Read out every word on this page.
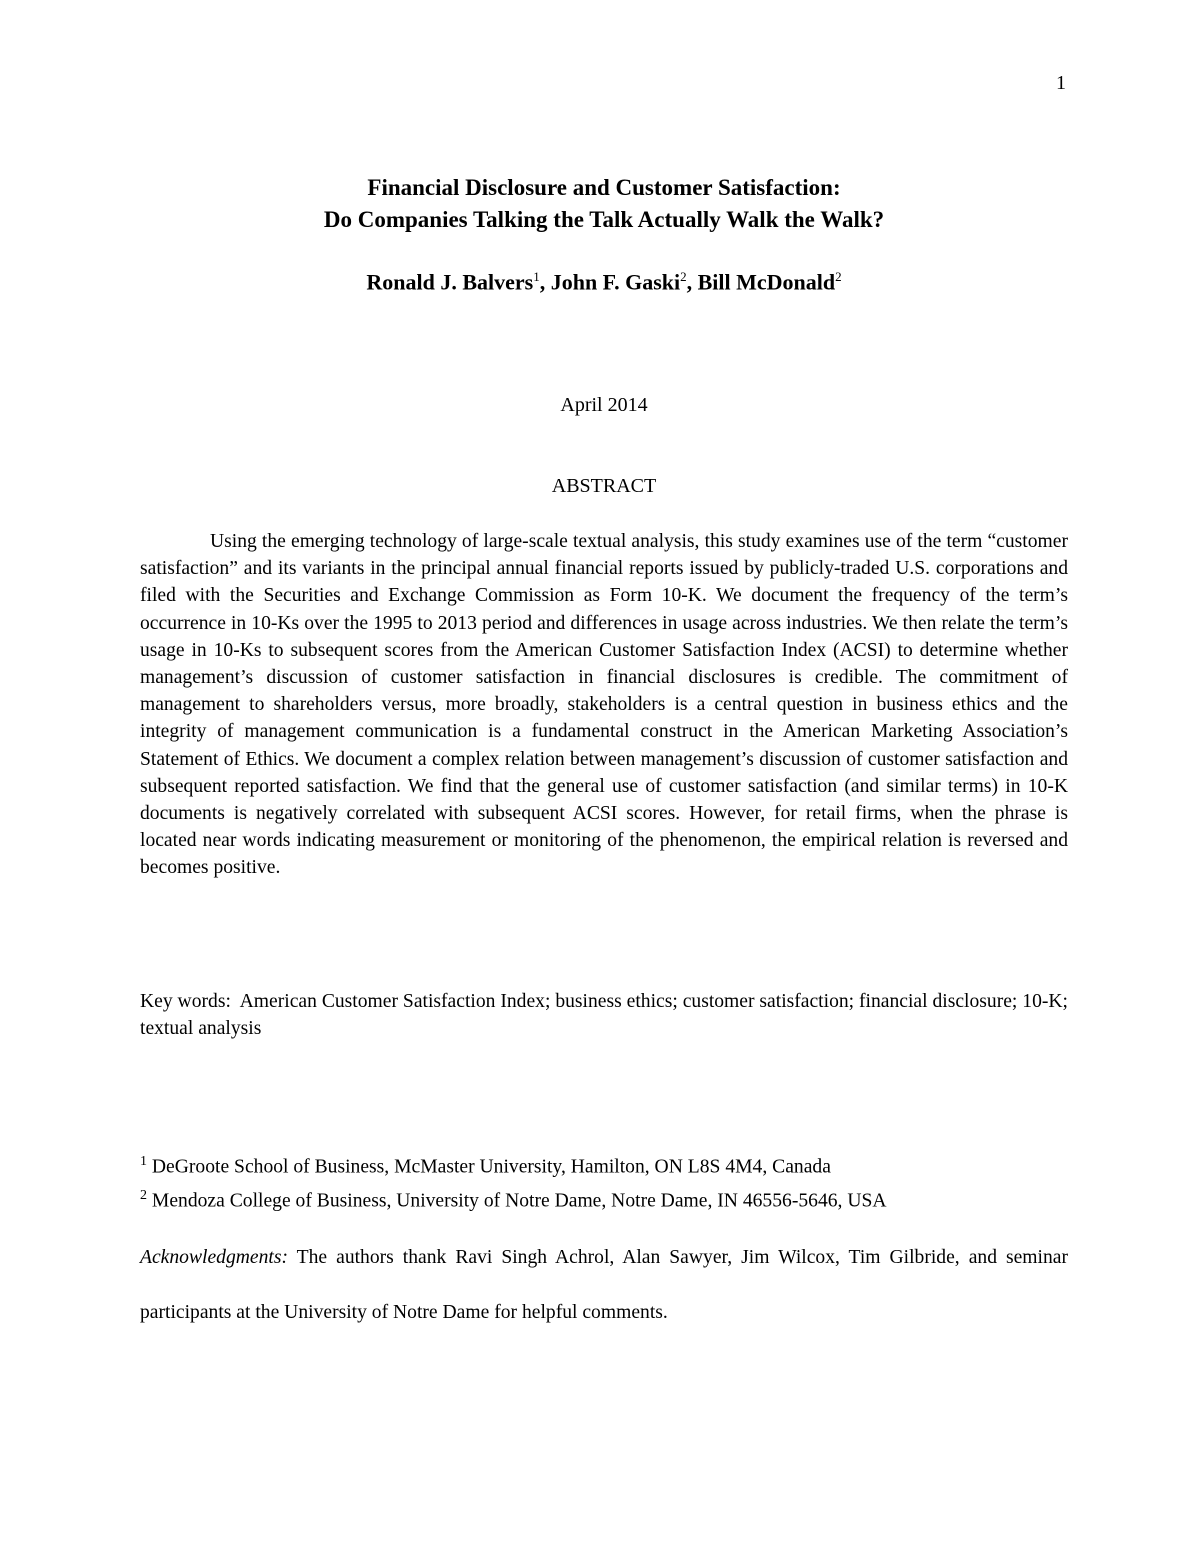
1
Financial Disclosure and Customer Satisfaction:
Do Companies Talking the Talk Actually Walk the Walk?
Ronald J. Balvers$^1$, John F. Gaski$^2$, Bill McDonald$^2$
April 2014
ABSTRACT
Using the emerging technology of large-scale textual analysis, this study examines use of the term “customer satisfaction” and its variants in the principal annual financial reports issued by publicly-traded U.S. corporations and filed with the Securities and Exchange Commission as Form 10-K. We document the frequency of the term’s occurrence in 10-Ks over the 1995 to 2013 period and differences in usage across industries. We then relate the term’s usage in 10-Ks to subsequent scores from the American Customer Satisfaction Index (ACSI) to determine whether management’s discussion of customer satisfaction in financial disclosures is credible. The commitment of management to shareholders versus, more broadly, stakeholders is a central question in business ethics and the integrity of management communication is a fundamental construct in the American Marketing Association’s Statement of Ethics. We document a complex relation between management’s discussion of customer satisfaction and subsequent reported satisfaction. We find that the general use of customer satisfaction (and similar terms) in 10-K documents is negatively correlated with subsequent ACSI scores. However, for retail firms, when the phrase is located near words indicating measurement or monitoring of the phenomenon, the empirical relation is reversed and becomes positive.
Key words: American Customer Satisfaction Index; business ethics; customer satisfaction; financial disclosure; 10-K; textual analysis
$^1$ DeGroote School of Business, McMaster University, Hamilton, ON L8S 4M4, Canada
$^2$ Mendoza College of Business, University of Notre Dame, Notre Dame, IN 46556-5646, USA
Acknowledgments: The authors thank Ravi Singh Achrol, Alan Sawyer, Jim Wilcox, Tim Gilbride, and seminar participants at the University of Notre Dame for helpful comments.
